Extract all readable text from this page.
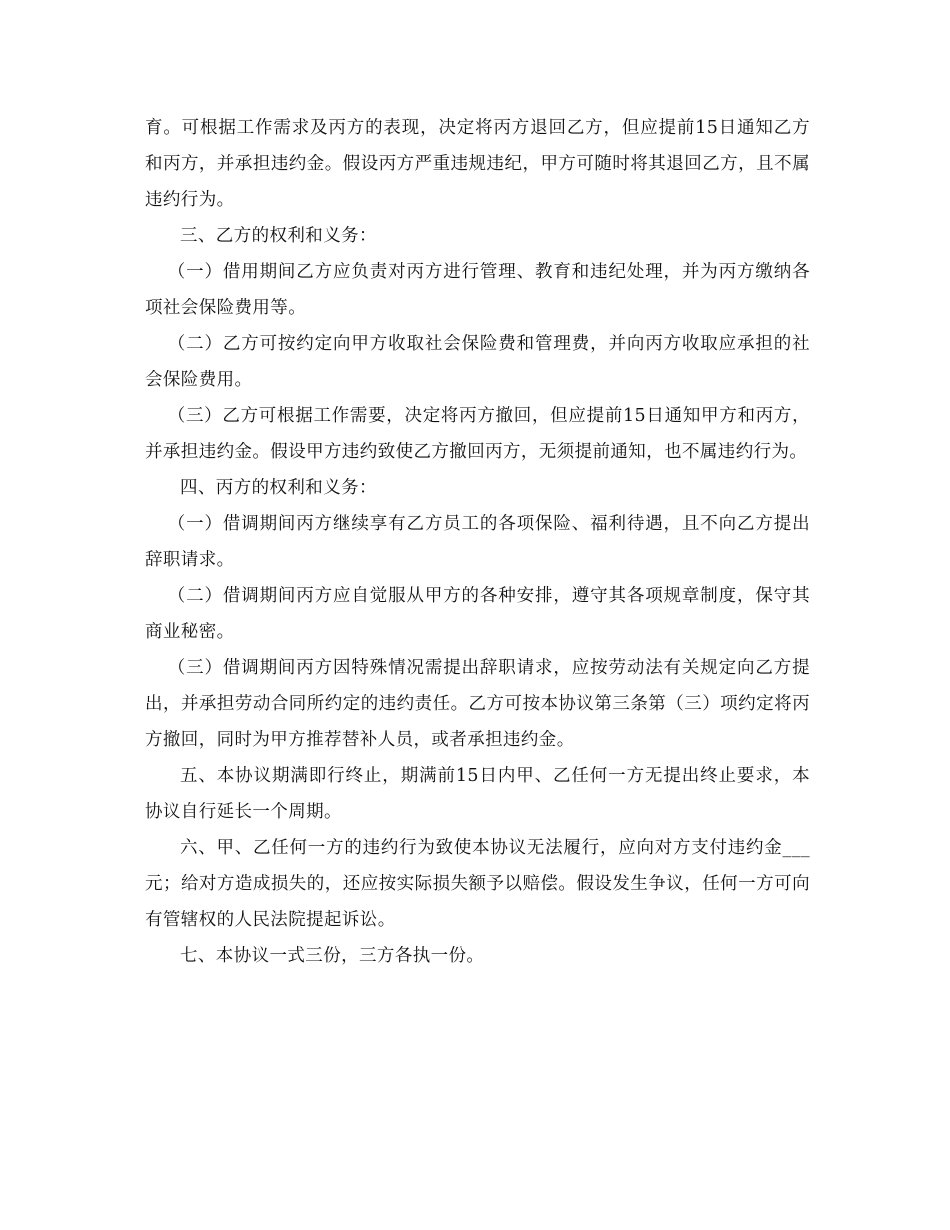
育。可根据工作需求及丙方的表现，决定将丙方退回乙方，但应提前15日通知乙方和丙方，并承担违约金。假设丙方严重违规违纪，甲方可随时将其退回乙方，且不属违约行为。

三、乙方的权利和义务：

（一）借用期间乙方应负责对丙方进行管理、教育和违纪处理，并为丙方缴纳各项社会保险费用等。

（二）乙方可按约定向甲方收取社会保险费和管理费，并向丙方收取应承担的社会保险费用。

（三）乙方可根据工作需要，决定将丙方撤回，但应提前15日通知甲方和丙方，并承担违约金。假设甲方违约致使乙方撤回丙方，无须提前通知，也不属违约行为。

四、丙方的权利和义务：

（一）借调期间丙方继续享有乙方员工的各项保险、福利待遇，且不向乙方提出辞职请求。

（二）借调期间丙方应自觉服从甲方的各种安排，遵守其各项规章制度，保守其商业秘密。

（三）借调期间丙方因特殊情况需提出辞职请求，应按劳动法有关规定向乙方提出，并承担劳动合同所约定的违约责任。乙方可按本协议第三条第（三）项约定将丙方撤回，同时为甲方推荐替补人员，或者承担违约金。

五、本协议期满即行终止，期满前15日内甲、乙任何一方无提出终止要求，本协议自行延长一个周期。

六、甲、乙任何一方的违约行为致使本协议无法履行，应向对方支付违约金___元；给对方造成损失的，还应按实际损失额予以赔偿。假设发生争议，任何一方可向有管辖权的人民法院提起诉讼。

七、本协议一式三份，三方各执一份。
